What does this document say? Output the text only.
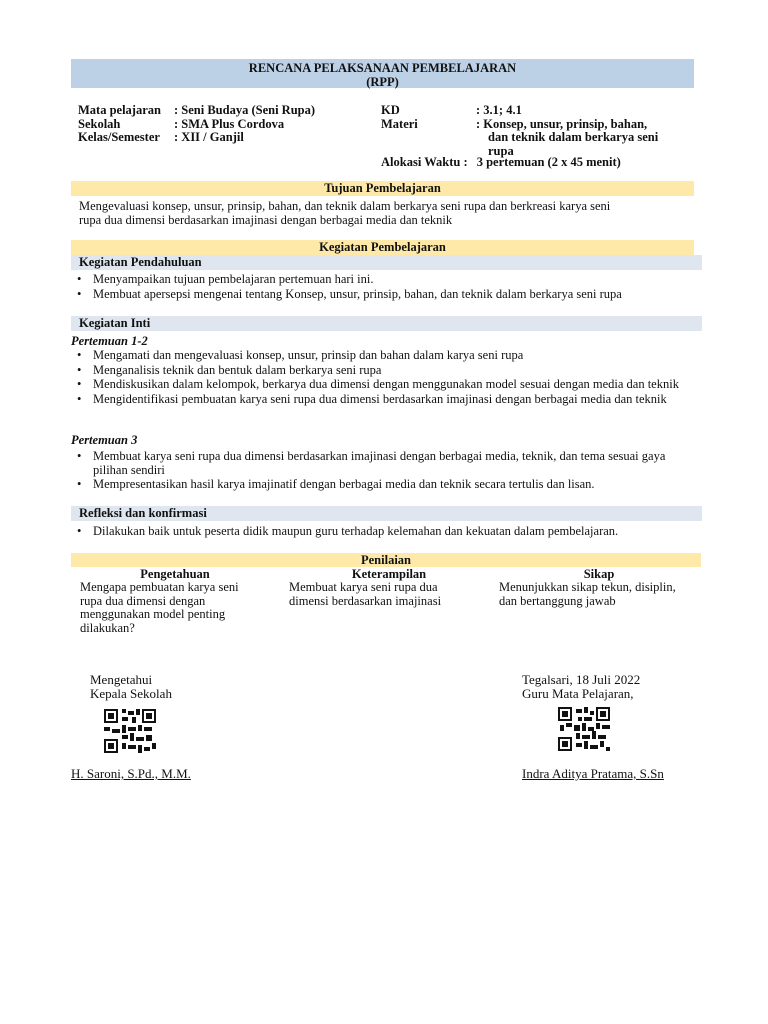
RENCANA PELAKSANAAN PEMBELAJARAN
(RPP)
Mata pelajaran
Sekolah
Kelas/Semester
: Seni Budaya (Seni Rupa)
: SMA Plus Cordova
: XII / Ganjil
KD
Materi
: 3.1; 4.1
: Konsep, unsur, prinsip, bahan,
dan teknik dalam berkarya seni
rupa
Alokasi Waktu : 3 pertemuan (2 x 45 menit)
Tujuan Pembelajaran
Mengevaluasi konsep, unsur, prinsip, bahan, dan teknik dalam berkarya seni rupa dan berkreasi karya seni
rupa dua dimensi berdasarkan imajinasi dengan berbagai media dan teknik
Kegiatan Pembelajaran
Kegiatan Pendahuluan
• Menyampaikan tujuan pembelajaran pertemuan hari ini.
• Membuat apersepsi mengenai tentang Konsep, unsur, prinsip, bahan, dan teknik dalam berkarya seni rupa
Kegiatan Inti
Pertemuan 1-2
• Mengamati dan mengevaluasi konsep, unsur, prinsip dan bahan dalam karya seni rupa
• Menganalisis teknik dan bentuk dalam berkarya seni rupa
• Mendiskusikan dalam kelompok, berkarya dua dimensi dengan menggunakan model sesuai dengan media dan teknik
• Mengidentifikasi pembuatan karya seni rupa dua dimensi berdasarkan imajinasi dengan berbagai media dan teknik
Pertemuan 3
• Membuat karya seni rupa dua dimensi berdasarkan imajinasi dengan berbagai media, teknik, dan tema sesuai gaya pilihan sendiri
• Mempresentasikan hasil karya imajinatif dengan berbagai media dan teknik secara tertulis dan lisan.
Refleksi dan konfirmasi
• Dilakukan baik untuk peserta didik maupun guru terhadap kelemahan dan kekuatan dalam pembelajaran.
Penilaian
Pengetahuan
Mengapa pembuatan karya seni rupa dua dimensi dengan menggunakan model penting dilakukan?
Keterampilan
Membuat karya seni rupa dua dimensi berdasarkan imajinasi
Sikap
Menunjukkan sikap tekun, disiplin, dan bertanggung jawab
Mengetahui
Kepala Sekolah
H. Saroni, S.Pd., M.M.
Tegalsari, 18 Juli 2022
Guru Mata Pelajaran,
Indra Aditya Pratama, S.Sn
